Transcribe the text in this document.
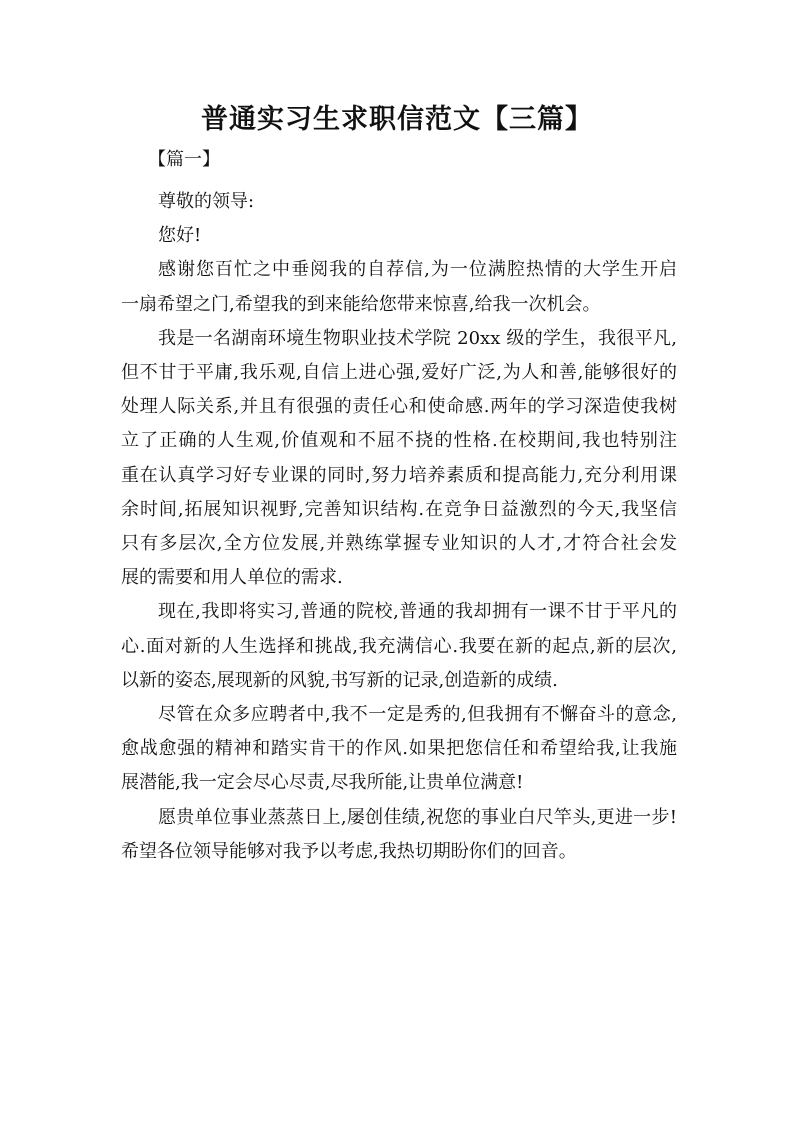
普通实习生求职信范文【三篇】
【篇一】

尊敬的领导:

您好!

感谢您百忙之中垂阅我的自荐信,为一位满腔热情的大学生开启
一扇希望之门,希望我的到来能给您带来惊喜,给我一次机会。

我是一名湖南环境生物职业技术学院 20xx 级的学生，我很平凡,
但不甘于平庸,我乐观,自信上进心强,爱好广泛,为人和善,能够很好的
处理人际关系,并且有很强的责任心和使命感.两年的学习深造使我树
立了正确的人生观,价值观和不屈不挠的性格.在校期间,我也特别注
重在认真学习好专业课的同时,努力培养素质和提高能力,充分利用课
余时间,拓展知识视野,完善知识结构.在竞争日益激烈的今天,我坚信
只有多层次,全方位发展,并熟练掌握专业知识的人才,才符合社会发
展的需要和用人单位的需求.

现在,我即将实习,普通的院校,普通的我却拥有一课不甘于平凡的
心.面对新的人生选择和挑战,我充满信心.我要在新的起点,新的层次,
以新的姿态,展现新的风貌,书写新的记录,创造新的成绩.

尽管在众多应聘者中,我不一定是秀的,但我拥有不懈奋斗的意念,
愈战愈强的精神和踏实肯干的作风.如果把您信任和希望给我,让我施
展潜能,我一定会尽心尽责,尽我所能,让贵单位满意!

愿贵单位事业蒸蒸日上,屡创佳绩,祝您的事业白尺竿头,更进一步!
希望各位领导能够对我予以考虑,我热切期盼你们的回音。
